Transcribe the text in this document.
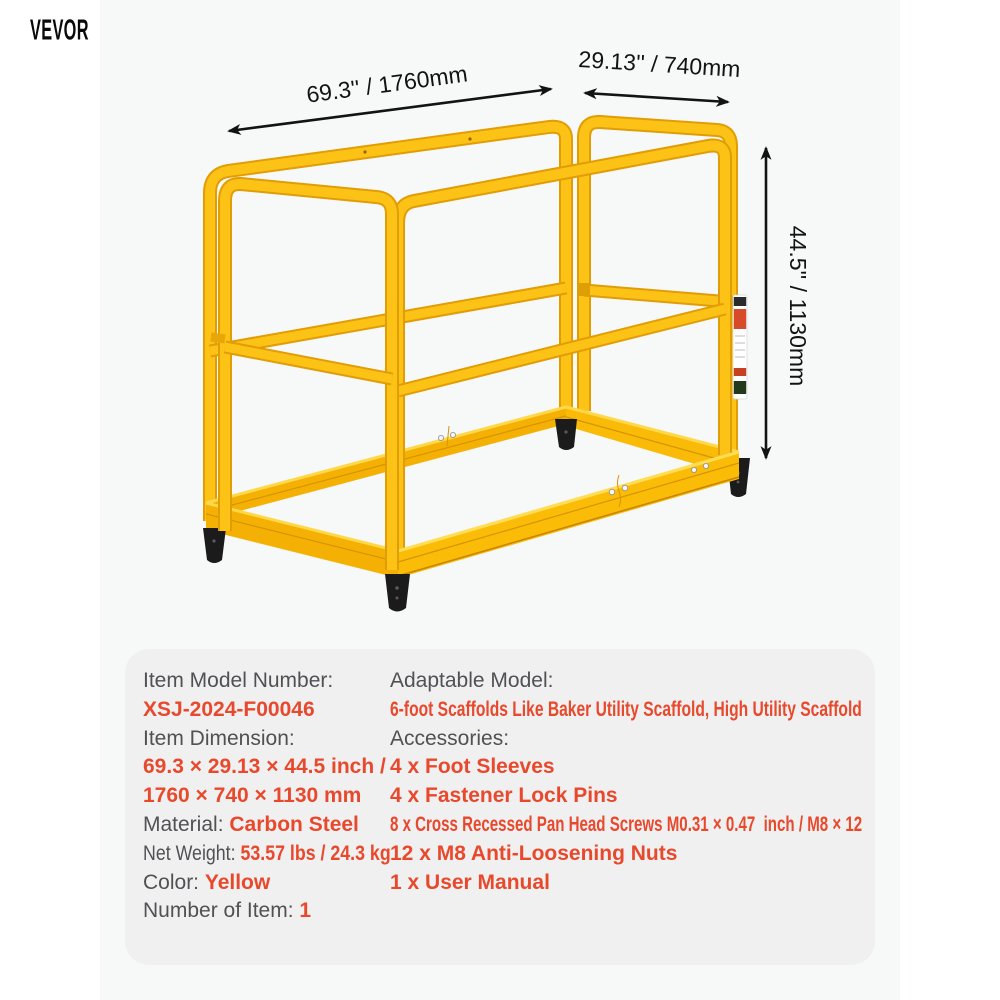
VEVOR
69.3'' / 1760mm	29.13'' / 740mm
44.5'' / 1130mm
Item Model Number:
XSJ-2024-F00046
Item Dimension:
69.3 × 29.13 × 44.5 inch /
1760 × 740 × 1130 mm
Material: Carbon Steel
Net Weight: 53.57 lbs / 24.3 kg
Color: Yellow
Number of Item: 1
Adaptable Model:
6-foot Scaffolds Like Baker Utility Scaffold, High Utility Scaffold
Accessories:
4 x Foot Sleeves
4 x Fastener Lock Pins
8 x Cross Recessed Pan Head Screws M0.31 × 0.47  inch / M8 × 12
12 x M8 Anti-Loosening Nuts
1 x User Manual
